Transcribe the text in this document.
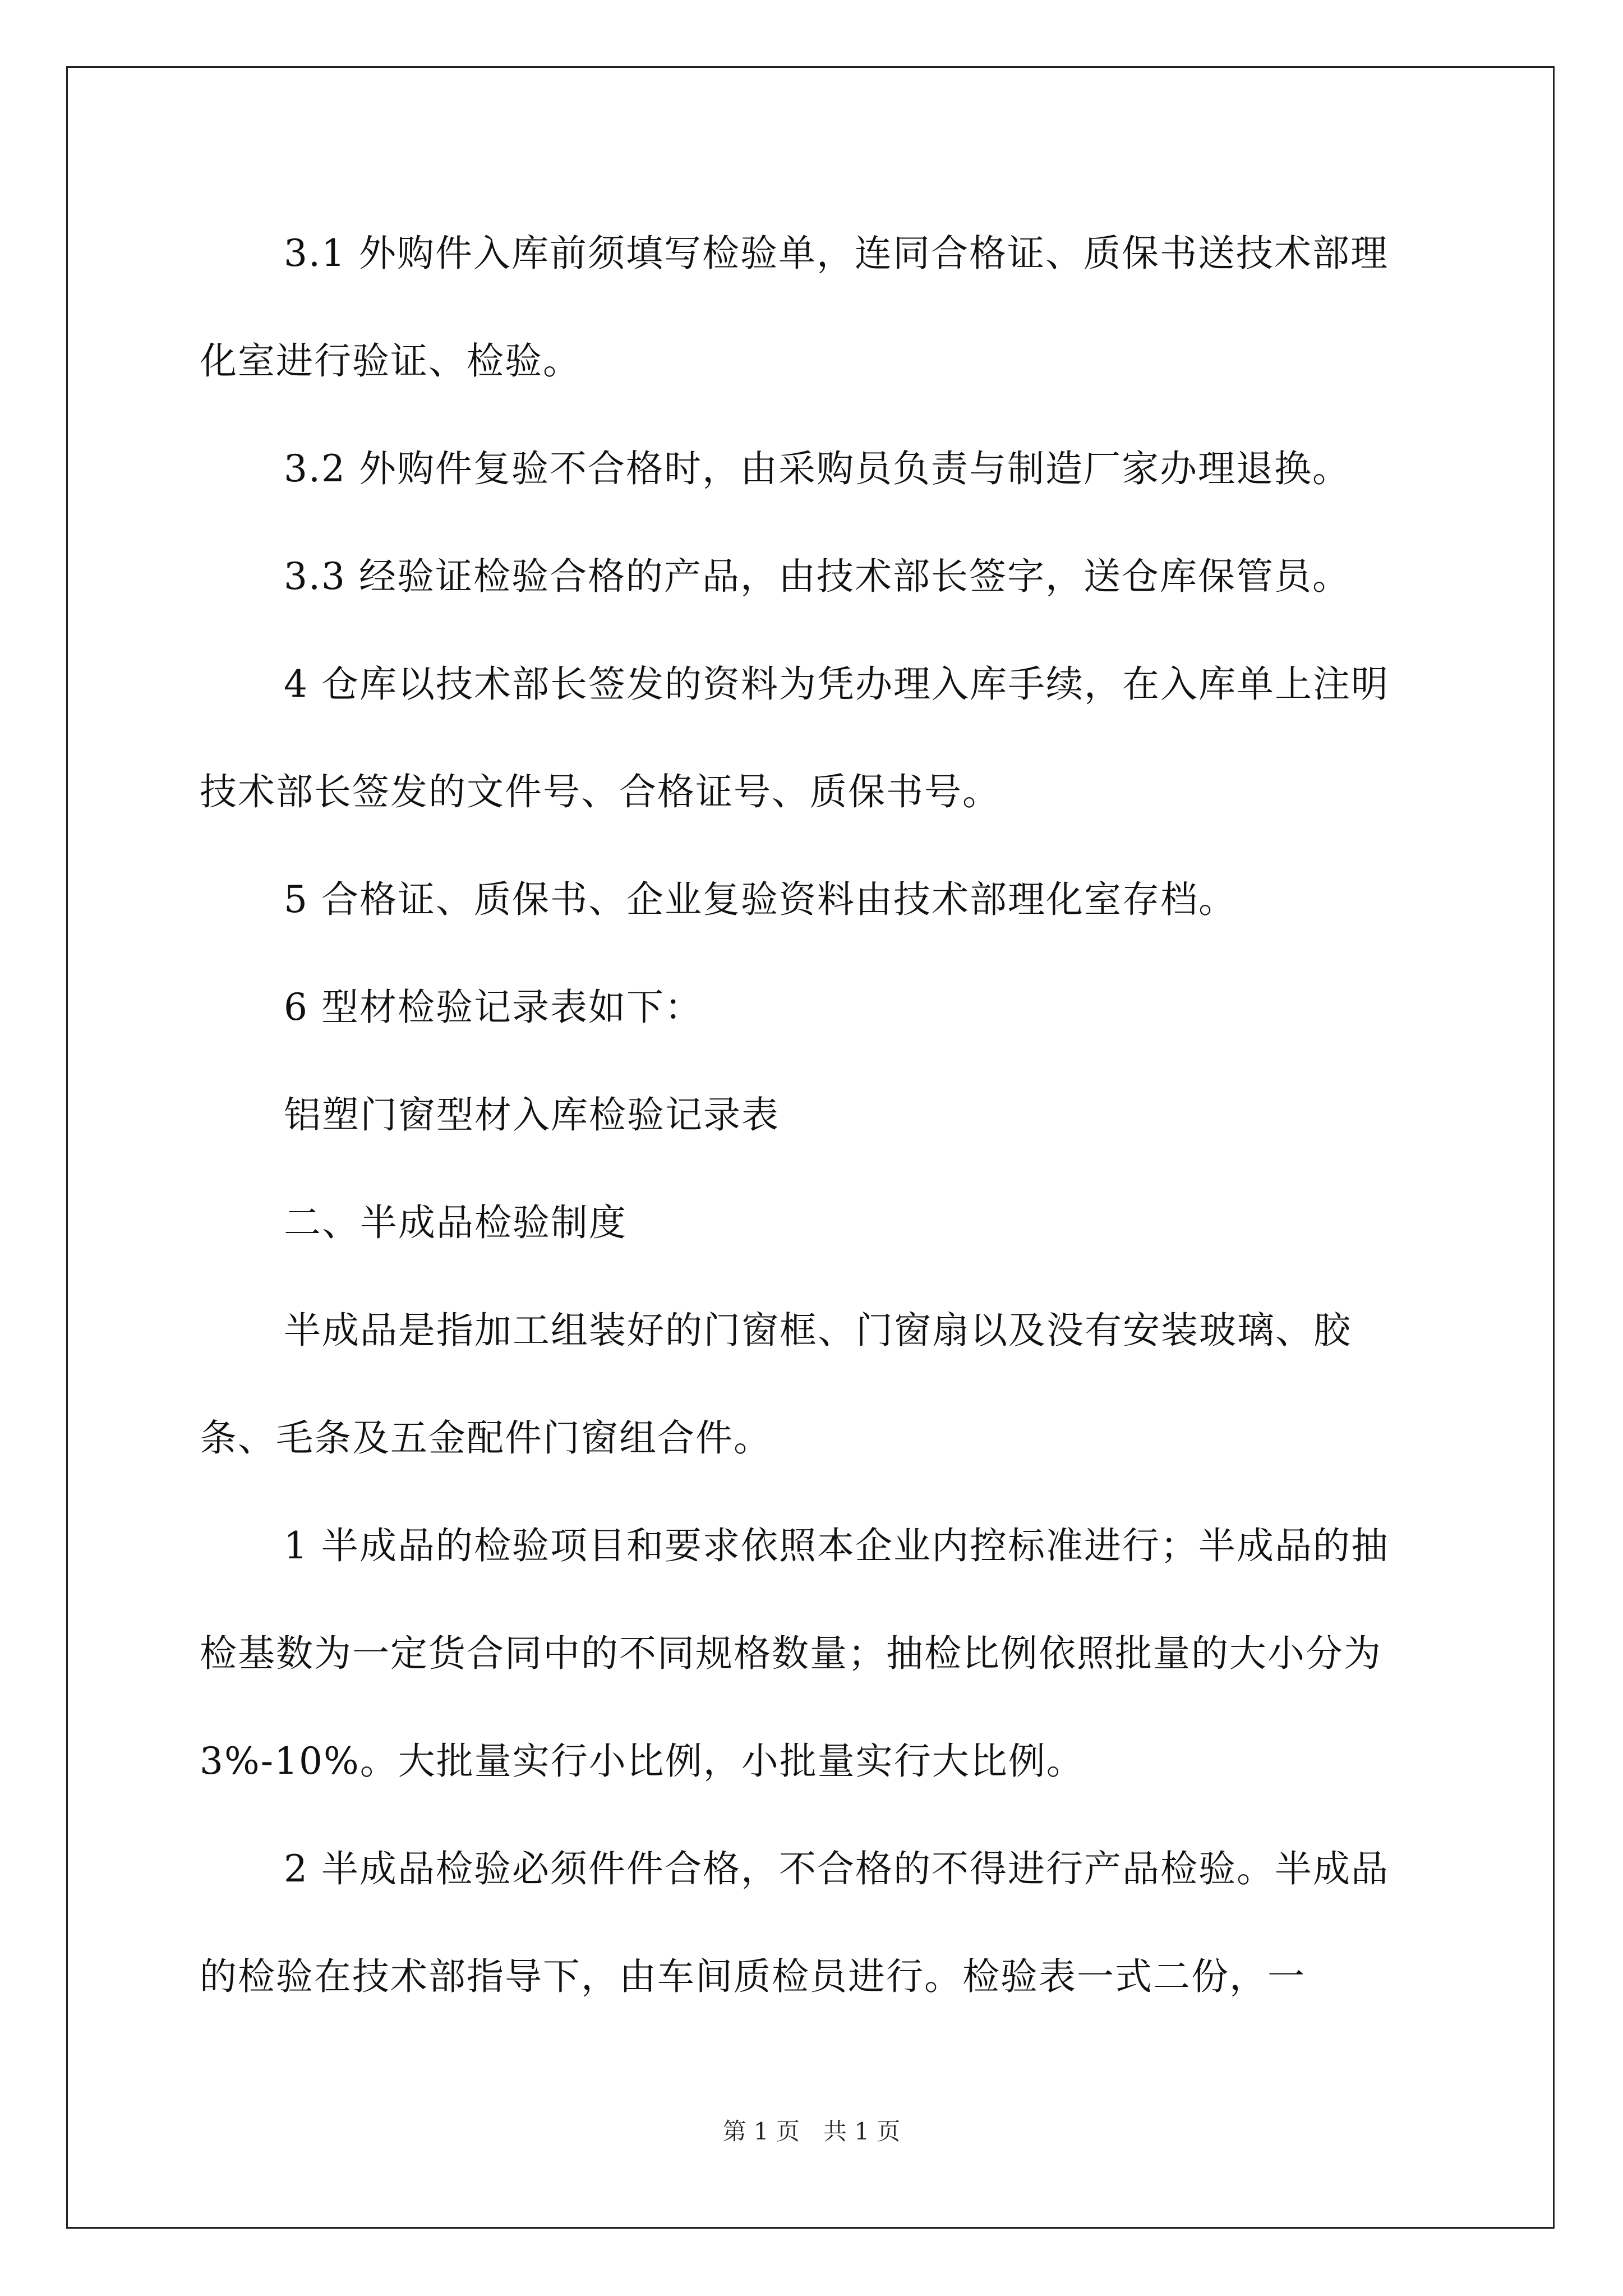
3.1 外购件入库前须填写检验单，连同合格证、质保书送技术部理化室进行验证、检验。

3.2 外购件复验不合格时，由采购员负责与制造厂家办理退换。

3.3 经验证检验合格的产品，由技术部长签字，送仓库保管员。

4 仓库以技术部长签发的资料为凭办理入库手续，在入库单上注明技术部长签发的文件号、合格证号、质保书号。

5 合格证、质保书、企业复验资料由技术部理化室存档。

6 型材检验记录表如下：

铝塑门窗型材入库检验记录表

二、半成品检验制度

半成品是指加工组装好的门窗框、门窗扇以及没有安装玻璃、胶条、毛条及五金配件门窗组合件。

1 半成品的检验项目和要求依照本企业内控标准进行；半成品的抽检基数为一定货合同中的不同规格数量；抽检比例依照批量的大小分为 3%-10%。大批量实行小比例，小批量实行大比例。

2 半成品检验必须件件合格，不合格的不得进行产品检验。半成品的检验在技术部指导下，由车间质检员进行。检验表一式二份，一

第 1 页　共 1 页
